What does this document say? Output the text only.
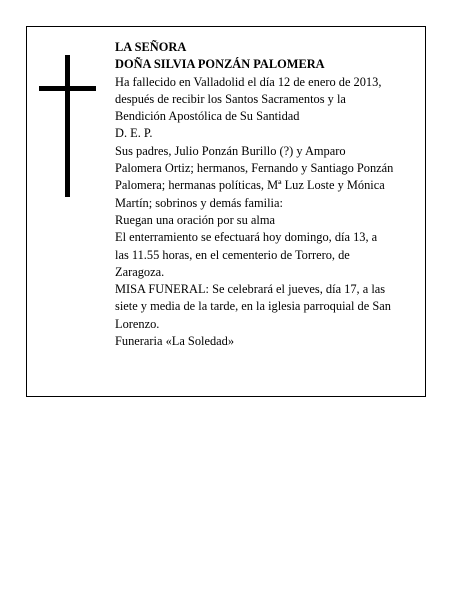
LA SEÑORA
DOÑA SILVIA PONZÁN PALOMERA
Ha fallecido en Valladolid el día 12 de enero de 2013,
después de recibir los Santos Sacramentos y la
Bendición Apostólica de Su Santidad
D. E. P.
Sus padres, Julio Ponzán Burillo (?) y Amparo
Palomera Ortiz; hermanos, Fernando y Santiago Ponzán
Palomera; hermanas políticas, Mª Luz Loste y Mónica
Martín; sobrinos y demás familia:
Ruegan una oración por su alma
El enterramiento se efectuará hoy domingo, día 13, a
las 11.55 horas, en el cementerio de Torrero, de
Zaragoza.
MISA FUNERAL: Se celebrará el jueves, día 17, a las
siete y media de la tarde, en la iglesia parroquial de San
Lorenzo.
Funeraria «La Soledad»
